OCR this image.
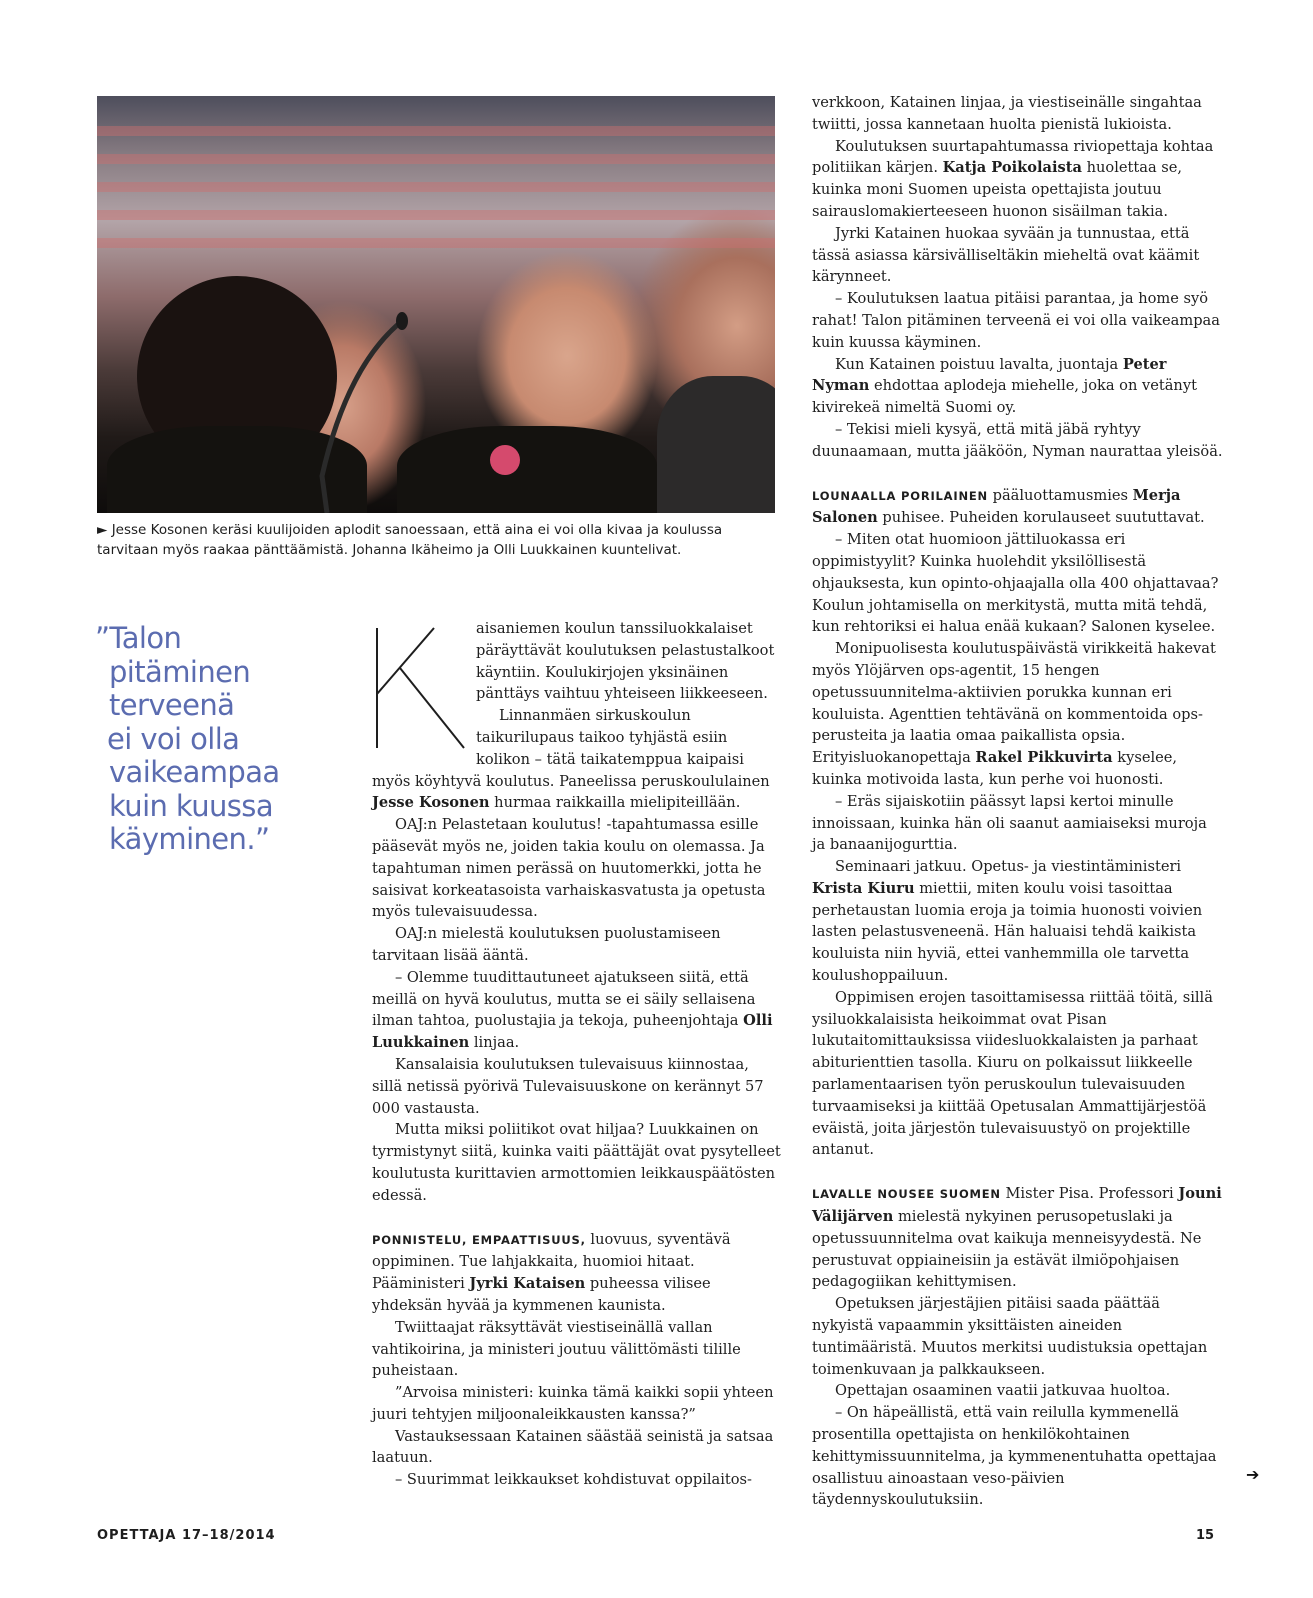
► Jesse Kosonen keräsi kuulijoiden aplodit sanoessaan, että aina ei voi olla kivaa ja koulussa tarvitaan myös raakaa pänttäämistä. Johanna Ikäheimo ja Olli Luukkainen kuuntelivat.
”Talon
pitäminen
terveenä
ei voi olla
vaikeampaa
kuin kuussa
käyminen.”

aisaniemen koulun tanssiluokkalaiset päräyttävät koulutuksen pelastustalkoot käyntiin. Koulukirjojen yksinäinen pänttäys vaihtuu yhteiseen liikkeeseen.

Linnanmäen sirkuskoulun taikurilupaus taikoo tyhjästä esiin kolikon – tätä taikatemppua kaipaisi myös köyhtyvä koulutus. Paneelissa peruskoululainen Jesse Kosonen hurmaa raikkailla mielipiteillään.

OAJ:n Pelastetaan koulutus! -tapahtumassa esille pääsevät myös ne, joiden takia koulu on olemassa. Ja tapahtuman nimen perässä on huutomerkki, jotta he saisivat korkeatasoista varhaiskasvatusta ja opetusta myös tulevaisuudessa.

OAJ:n mielestä koulutuksen puolustamiseen tarvitaan lisää ääntä.

– Olemme tuudittautuneet ajatukseen siitä, että meillä on hyvä koulutus, mutta se ei säily sellaisena ilman tahtoa, puolustajia ja tekoja, puheenjohtaja Olli Luukkainen linjaa.

Kansalaisia koulutuksen tulevaisuus kiinnostaa, sillä netissä pyörivä Tulevaisuuskone on kerännyt 57 000 vastausta.

Mutta miksi poliitikot ovat hiljaa? Luukkainen on tyrmistynyt siitä, kuinka vaiti päättäjät ovat pysytelleet koulutusta kurittavien armottomien leikkauspäätösten edessä.

PONNISTELU, EMPAATTISUUS, luovuus, syventävä oppiminen. Tue lahjakkaita, huomioi hitaat. Pääministeri Jyrki Kataisen puheessa vilisee yhdeksän hyvää ja kymmenen kaunista.

Twiittaajat räksyttävät viestiseinällä vallan vahtikoirina, ja ministeri joutuu välittömästi tilille puheistaan.

”Arvoisa ministeri: kuinka tämä kaikki sopii yhteen juuri tehtyjen miljoonaleikkausten kanssa?”

Vastauksessaan Katainen säästää seinistä ja satsaa laatuun.

– Suurimmat leikkaukset kohdistuvat oppilaitos-

verkkoon, Katainen linjaa, ja viestiseinälle singahtaa twiitti, jossa kannetaan huolta pienistä lukioista.

Koulutuksen suurtapahtumassa riviopettaja kohtaa politiikan kärjen. Katja Poikolaista huolettaa se, kuinka moni Suomen upeista opettajista joutuu sairauslomakierteeseen huonon sisäilman takia.

Jyrki Katainen huokaa syvään ja tunnustaa, että tässä asiassa kärsivälliseltäkin mieheltä ovat käämit kärynneet.

– Koulutuksen laatua pitäisi parantaa, ja home syö rahat! Talon pitäminen terveenä ei voi olla vaikeampaa kuin kuussa käyminen.

Kun Katainen poistuu lavalta, juontaja Peter Nyman ehdottaa aplodeja miehelle, joka on vetänyt kivirekeä nimeltä Suomi oy.

– Tekisi mieli kysyä, että mitä jäbä ryhtyy duunaamaan, mutta jääköön, Nyman naurattaa yleisöä.

LOUNAALLA PORILAINEN pääluottamusmies Merja Salonen puhisee. Puheiden korulauseet suututtavat.

– Miten otat huomioon jättiluokassa eri oppimistyylit? Kuinka huolehdit yksilöllisestä ohjauksesta, kun opinto-ohjaajalla olla 400 ohjattavaa? Koulun johtamisella on merkitystä, mutta mitä tehdä, kun rehtoriksi ei halua enää kukaan? Salonen kyselee.

Monipuolisesta koulutuspäivästä virikkeitä hakevat myös Ylöjärven ops-agentit, 15 hengen opetussuunnitelma-aktiivien porukka kunnan eri kouluista. Agenttien tehtävänä on kommentoida ops-perusteita ja laatia omaa paikallista opsia. Erityisluokanopettaja Rakel Pikkuvirta kyselee, kuinka motivoida lasta, kun perhe voi huonosti.

– Eräs sijaiskotiin päässyt lapsi kertoi minulle innoissaan, kuinka hän oli saanut aamiaiseksi muroja ja banaanijogurttia.

Seminaari jatkuu. Opetus- ja viestintäministeri Krista Kiuru miettii, miten koulu voisi tasoittaa perhetaustan luomia eroja ja toimia huonosti voivien lasten pelastusveneenä. Hän haluaisi tehdä kaikista kouluista niin hyviä, ettei vanhemmilla ole tarvetta koulushoppailuun.

Oppimisen erojen tasoittamisessa riittää töitä, sillä ysiluokkalaisista heikoimmat ovat Pisan lukutaitomittauksissa viidesluokkalaisten ja parhaat abiturienttien tasolla. Kiuru on polkaissut liikkeelle parlamentaarisen työn peruskoulun tulevaisuuden turvaamiseksi ja kiittää Opetusalan Ammattijärjestöä eväistä, joita järjestön tulevaisuustyö on projektille antanut.

LAVALLE NOUSEE SUOMEN Mister Pisa. Professori Jouni Välijärven mielestä nykyinen perusopetuslaki ja opetussuunnitelma ovat kaikuja menneisyydestä. Ne perustuvat oppiaineisiin ja estävät ilmiöpohjaisen pedagogiikan kehittymisen.

Opetuksen järjestäjien pitäisi saada päättää nykyistä vapaammin yksittäisten aineiden tuntimääristä. Muutos merkitsi uudistuksia opettajan toimenkuvaan ja palkkaukseen.

Opettajan osaaminen vaatii jatkuvaa huoltoa.

– On häpeällistä, että vain reilulla kymmenellä prosentilla opettajista on henkilökohtainen kehittymissuunnitelma, ja kymmenentuhatta opettajaa osallistuu ainoastaan veso-päivien täydennyskoulutuksiin.

➔
OPETTAJA 17–18/2014	15
